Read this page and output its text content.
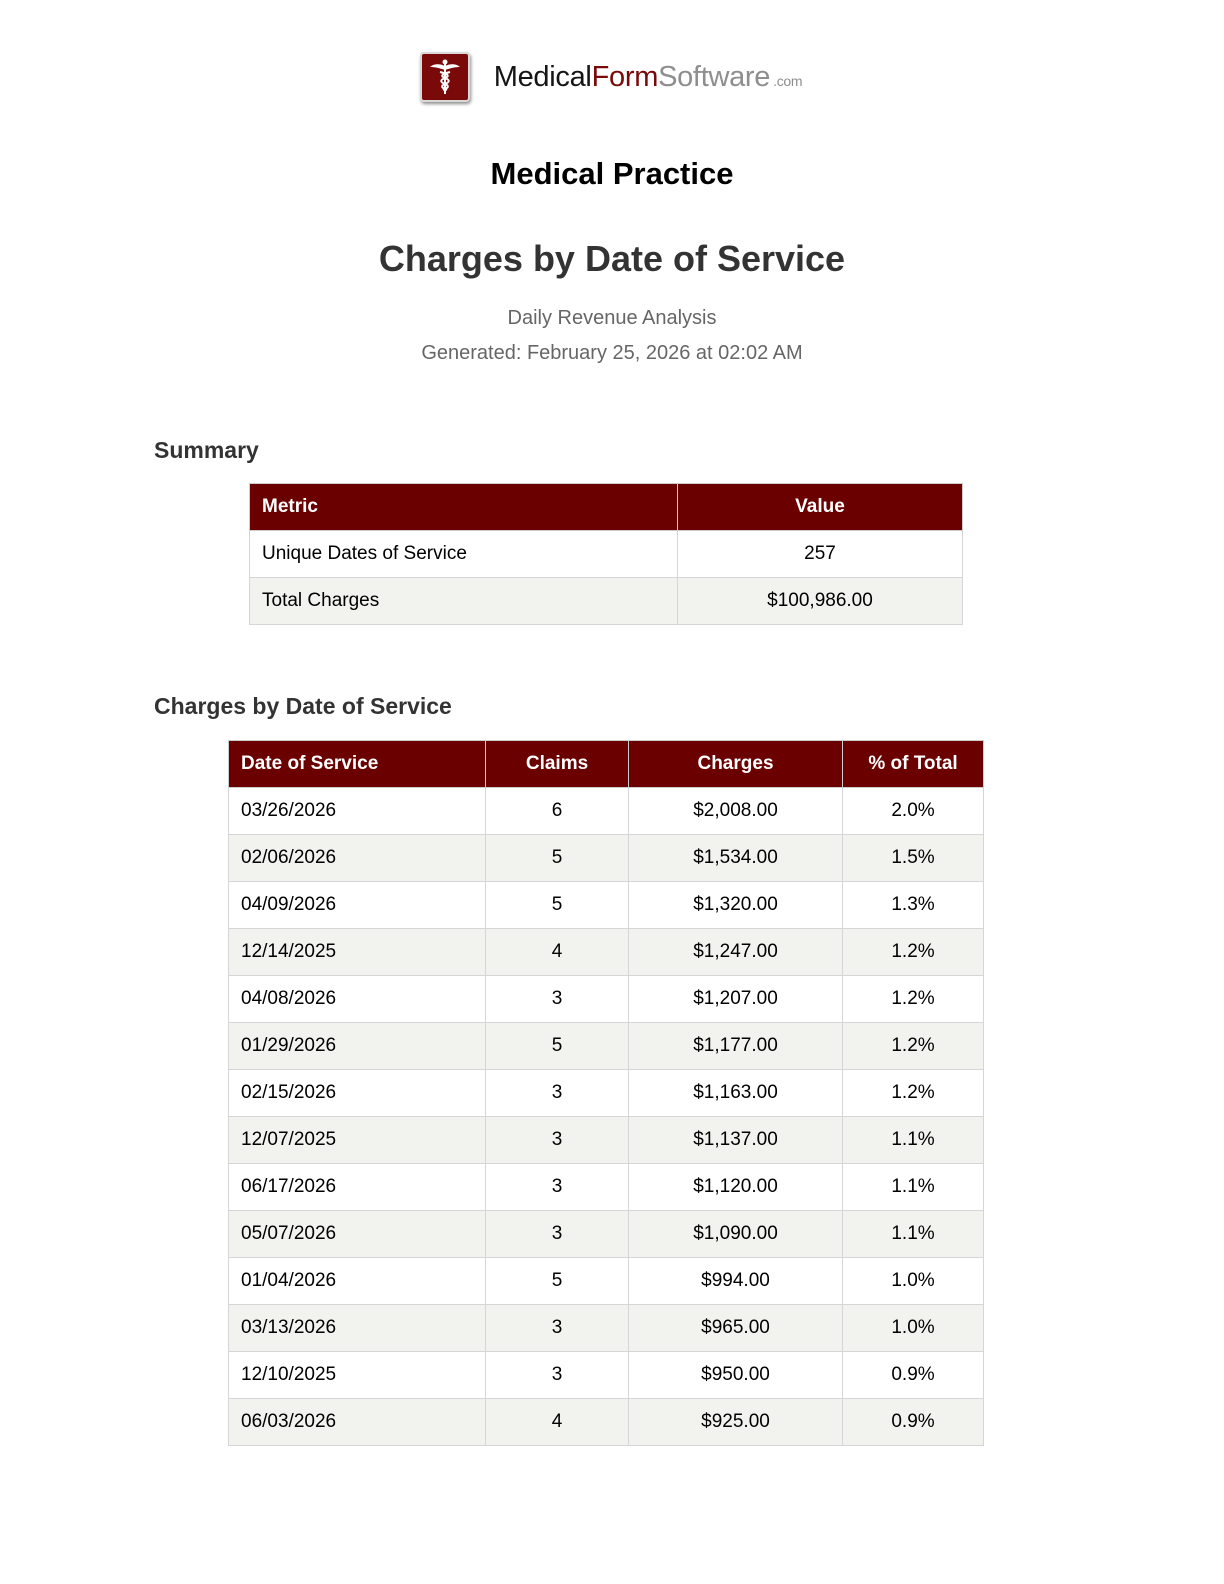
MedicalFormSoftware .com
Medical Practice
Charges by Date of Service
Daily Revenue Analysis
Generated: February 25, 2026 at 02:02 AM
Summary
Metric	Value
Unique Dates of Service	257
Total Charges	$100,986.00
Charges by Date of Service
Date of Service	Claims	Charges	% of Total
03/26/2026	6	$2,008.00	2.0%
02/06/2026	5	$1,534.00	1.5%
04/09/2026	5	$1,320.00	1.3%
12/14/2025	4	$1,247.00	1.2%
04/08/2026	3	$1,207.00	1.2%
01/29/2026	5	$1,177.00	1.2%
02/15/2026	3	$1,163.00	1.2%
12/07/2025	3	$1,137.00	1.1%
06/17/2026	3	$1,120.00	1.1%
05/07/2026	3	$1,090.00	1.1%
01/04/2026	5	$994.00	1.0%
03/13/2026	3	$965.00	1.0%
12/10/2025	3	$950.00	0.9%
06/03/2026	4	$925.00	0.9%
